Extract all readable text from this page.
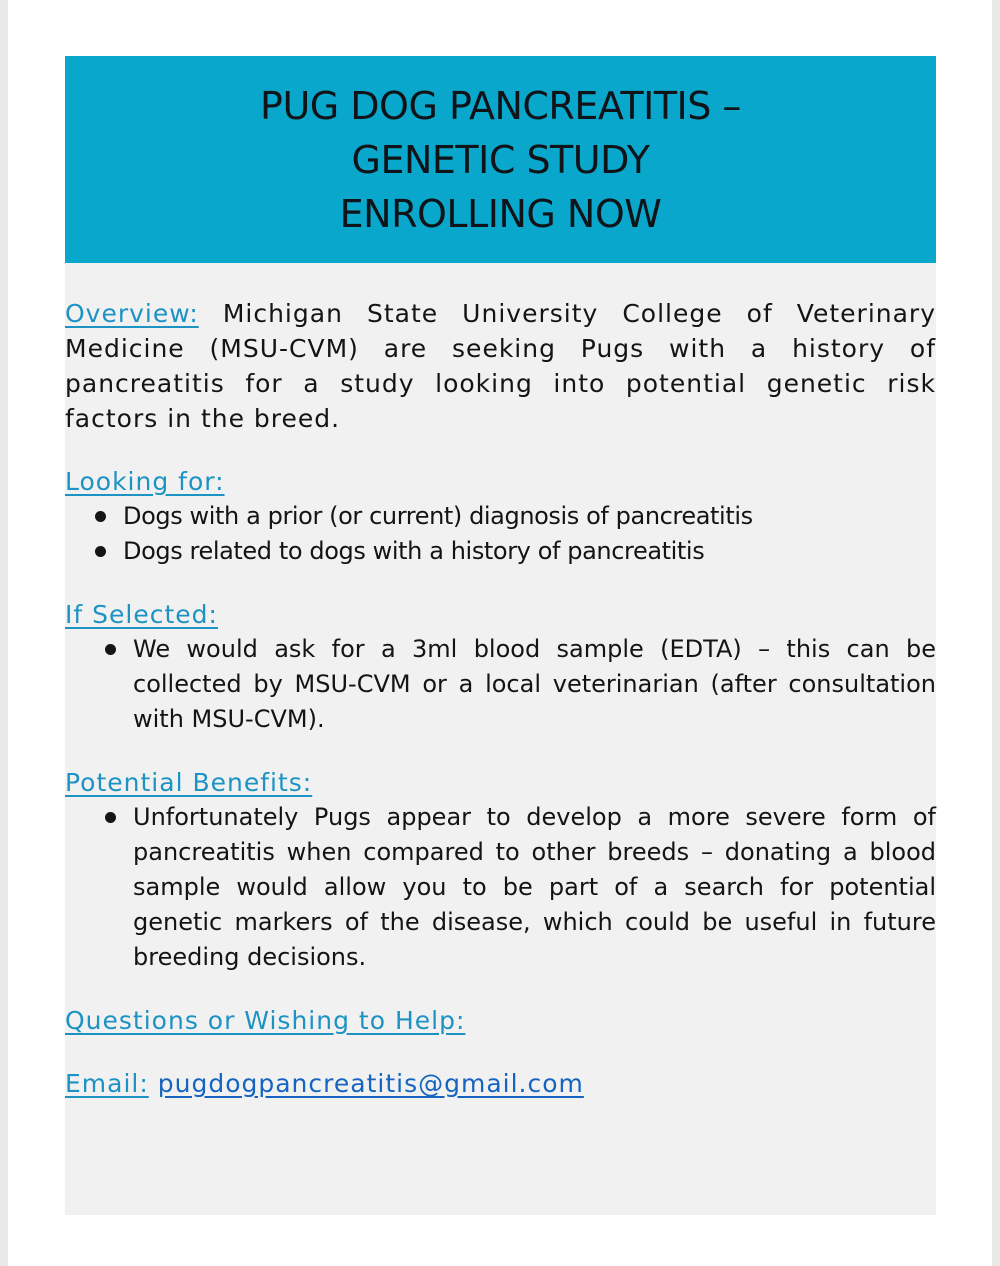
PUG DOG PANCREATITIS –
GENETIC STUDY
ENROLLING NOW
Overview: Michigan State University College of Veterinary Medicine (MSU-CVM) are seeking Pugs with a history of pancreatitis for a study looking into potential genetic risk factors in the breed.
Looking for:
Dogs with a prior (or current) diagnosis of pancreatitis
Dogs related to dogs with a history of pancreatitis
If Selected:
We would ask for a 3ml blood sample (EDTA) – this can be collected by MSU-CVM or a local veterinarian (after consultation with MSU-CVM).
Potential Benefits:
Unfortunately Pugs appear to develop a more severe form of pancreatitis when compared to other breeds – donating a blood sample would allow you to be part of a search for potential genetic markers of the disease, which could be useful in future breeding decisions.
Questions or Wishing to Help:
Email: pugdogpancreatitis@gmail.com
